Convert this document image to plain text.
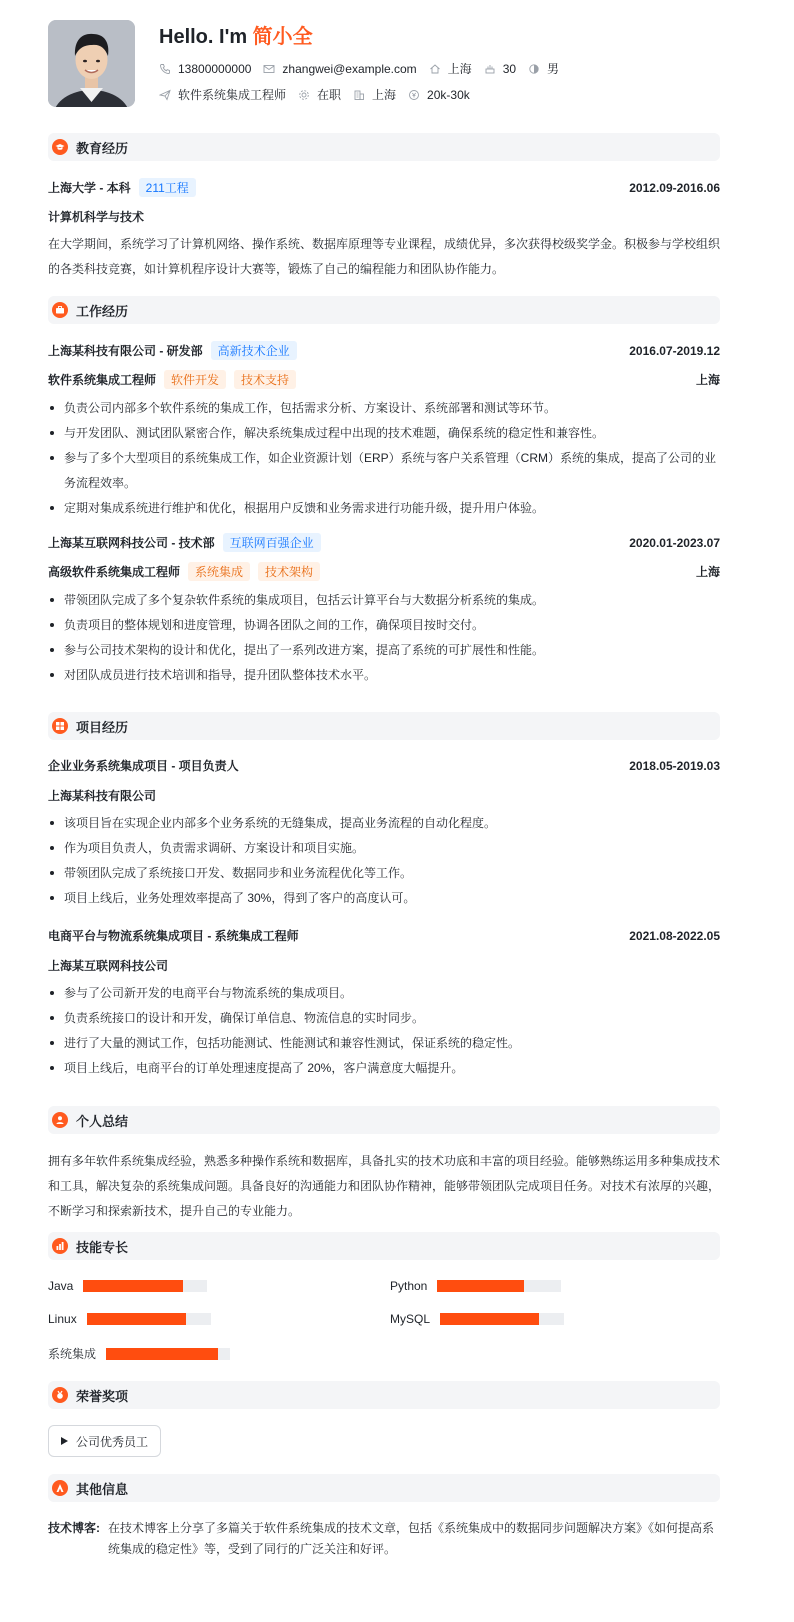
Hello. I'm 简小全
13800000000	zhangwei@example.com	上海	30	男
软件系统集成工程师	在职	上海	20k-30k
教育经历
上海大学 - 本科	211工程	2012.09-2016.06
计算机科学与技术
在大学期间，系统学习了计算机网络、操作系统、数据库原理等专业课程，成绩优异，多次获得校级奖学金。积极参与学校组织的各类科技竞赛，如计算机程序设计大赛等，锻炼了自己的编程能力和团队协作能力。
工作经历
上海某科技有限公司 - 研发部	高新技术企业	2016.07-2019.12
软件系统集成工程师	软件开发	技术支持	上海
负责公司内部多个软件系统的集成工作，包括需求分析、方案设计、系统部署和测试等环节。
与开发团队、测试团队紧密合作，解决系统集成过程中出现的技术难题，确保系统的稳定性和兼容性。
参与了多个大型项目的系统集成工作，如企业资源计划（ERP）系统与客户关系管理（CRM）系统的集成，提高了公司的业务流程效率。
定期对集成系统进行维护和优化，根据用户反馈和业务需求进行功能升级，提升用户体验。
上海某互联网科技公司 - 技术部	互联网百强企业	2020.01-2023.07
高级软件系统集成工程师	系统集成	技术架构	上海
带领团队完成了多个复杂软件系统的集成项目，包括云计算平台与大数据分析系统的集成。
负责项目的整体规划和进度管理，协调各团队之间的工作，确保项目按时交付。
参与公司技术架构的设计和优化，提出了一系列改进方案，提高了系统的可扩展性和性能。
对团队成员进行技术培训和指导，提升团队整体技术水平。
项目经历
企业业务系统集成项目 - 项目负责人	2018.05-2019.03
上海某科技有限公司
该项目旨在实现企业内部多个业务系统的无缝集成，提高业务流程的自动化程度。
作为项目负责人，负责需求调研、方案设计和项目实施。
带领团队完成了系统接口开发、数据同步和业务流程优化等工作。
项目上线后，业务处理效率提高了 30%，得到了客户的高度认可。
电商平台与物流系统集成项目 - 系统集成工程师	2021.08-2022.05
上海某互联网科技公司
参与了公司新开发的电商平台与物流系统的集成项目。
负责系统接口的设计和开发，确保订单信息、物流信息的实时同步。
进行了大量的测试工作，包括功能测试、性能测试和兼容性测试，保证系统的稳定性。
项目上线后，电商平台的订单处理速度提高了 20%，客户满意度大幅提升。
个人总结
拥有多年软件系统集成经验，熟悉多种操作系统和数据库，具备扎实的技术功底和丰富的项目经验。能够熟练运用多种集成技术和工具，解决复杂的系统集成问题。具备良好的沟通能力和团队协作精神，能够带领团队完成项目任务。对技术有浓厚的兴趣，不断学习和探索新技术，提升自己的专业能力。
技能专长
Java	Python
Linux	MySQL
系统集成
荣誉奖项
公司优秀员工
其他信息
技术博客: 在技术博客上分享了多篇关于软件系统集成的技术文章，包括《系统集成中的数据同步问题解决方案》《如何提高系统集成的稳定性》等，受到了同行的广泛关注和好评。
